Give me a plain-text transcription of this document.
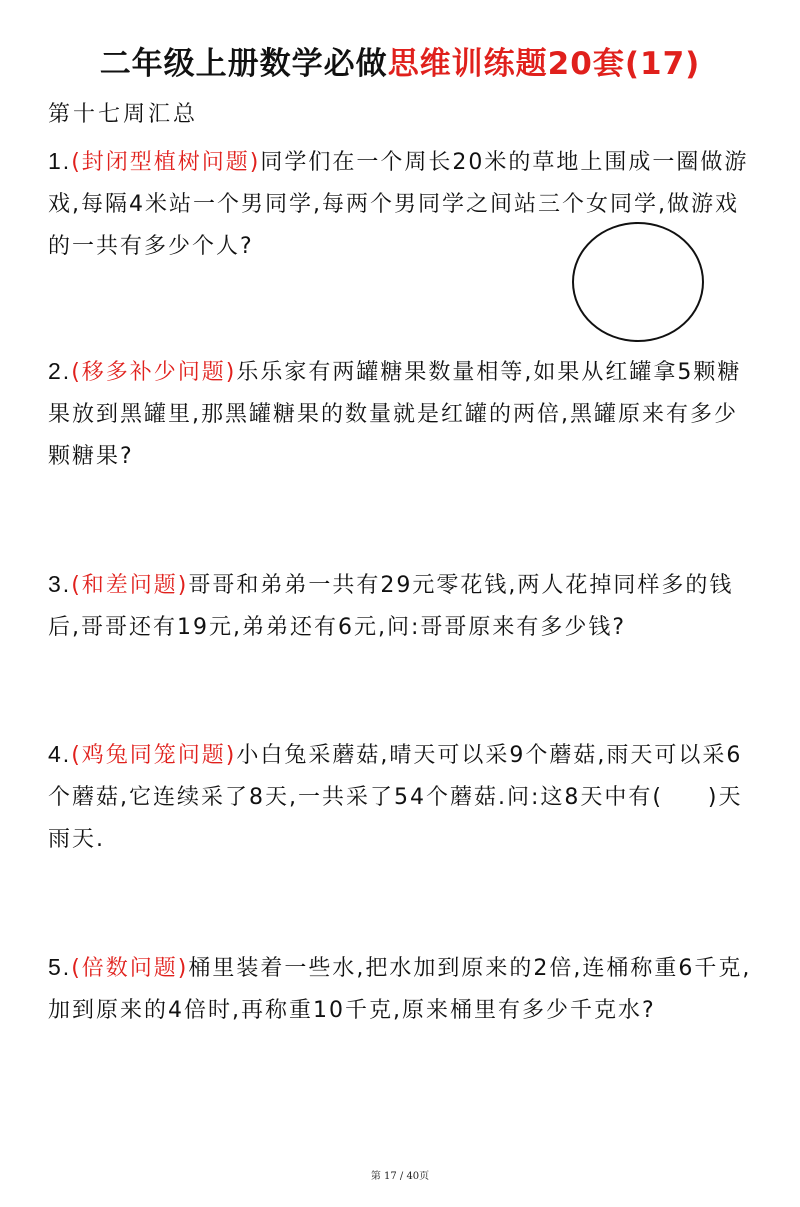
二年级上册数学必做思维训练题20套(17)
第十七周汇总
1.(封闭型植树问题)同学们在一个周长20米的草地上围成一圈做游戏,每隔4米站一个男同学,每两个男同学之间站三个女同学,做游戏的一共有多少个人?
2.(移多补少问题)乐乐家有两罐糖果数量相等,如果从红罐拿5颗糖果放到黑罐里,那黑罐糖果的数量就是红罐的两倍,黑罐原来有多少颗糖果?
3.(和差问题)哥哥和弟弟一共有29元零花钱,两人花掉同样多的钱后,哥哥还有19元,弟弟还有6元,问:哥哥原来有多少钱?
4.(鸡兔同笼问题)小白兔采蘑菇,晴天可以采9个蘑菇,雨天可以采6个蘑菇,它连续采了8天,一共采了54个蘑菇.问:这8天中有(     )天雨天.
5.(倍数问题)桶里装着一些水,把水加到原来的2倍,连桶称重6千克,加到原来的4倍时,再称重10千克,原来桶里有多少千克水?
第 17 / 40页
